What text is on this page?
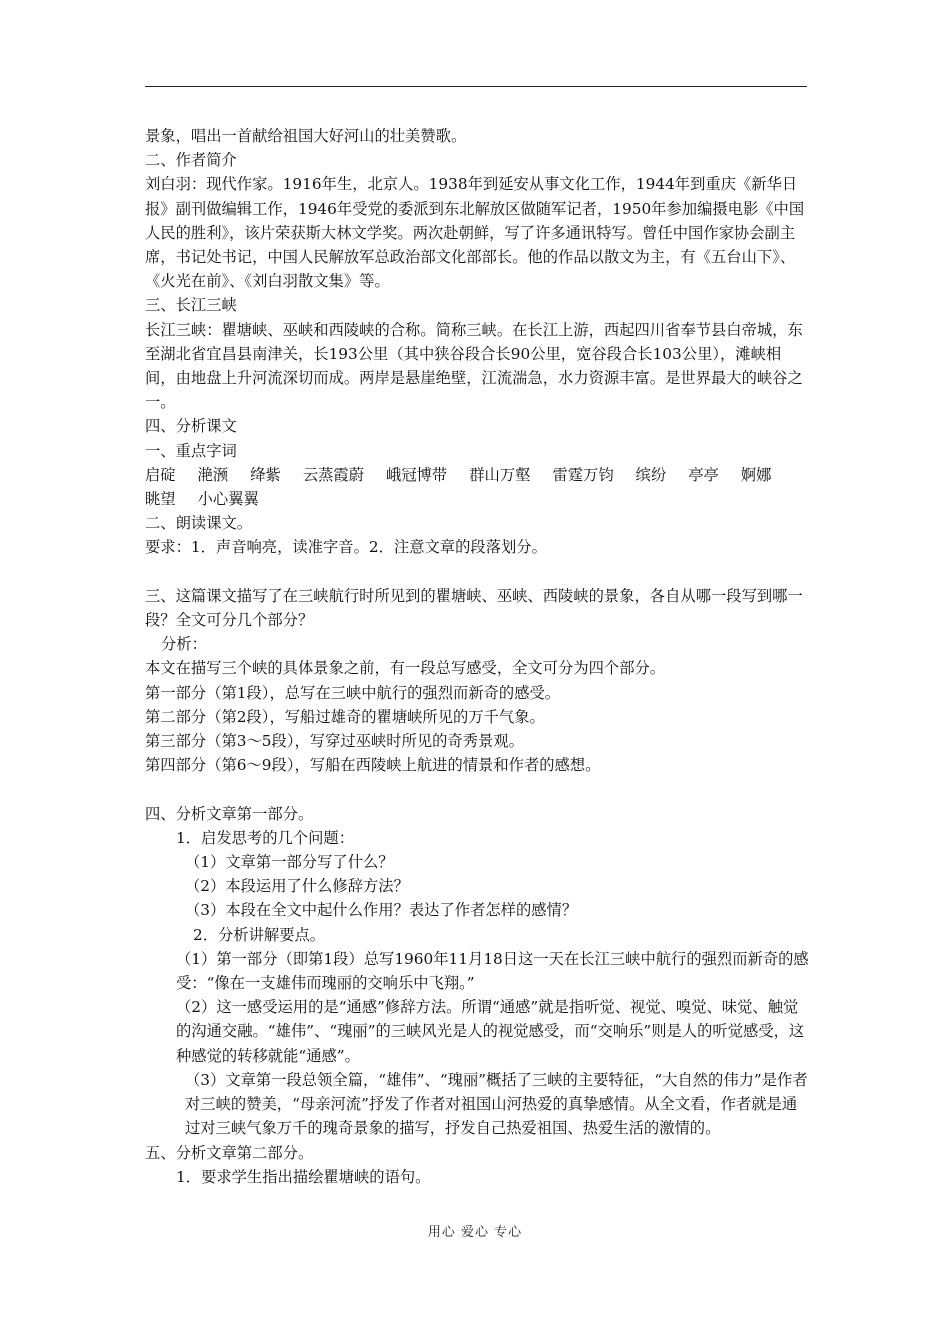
景象，唱出一首献给祖国大好河山的壮美赞歌。

二、作者简介

刘白羽：现代作家。1916年生，北京人。1938年到延安从事文化工作，1944年到重庆《新华日报》副刊做编辑工作，1946年受党的委派到东北解放区做随军记者，1950年参加编摄电影《中国人民的胜利》，该片荣获斯大林文学奖。两次赴朝鲜，写了许多通讯特写。曾任中国作家协会副主席，书记处书记，中国人民解放军总政治部文化部部长。他的作品以散文为主，有《五台山下》、《火光在前》、《刘白羽散文集》等。

三、长江三峡

长江三峡：瞿塘峡、巫峡和西陵峡的合称。简称三峡。在长江上游，西起四川省奉节县白帝城，东至湖北省宜昌县南津关，长193公里（其中狭谷段合长90公里，宽谷段合长103公里），滩峡相间，由地盘上升河流深切而成。两岸是悬崖绝壁，江流湍急，水力资源丰富。是世界最大的峡谷之一。

四、分析课文

一、重点字词

启碇 滟滪 绛紫 云蒸霞蔚 峨冠博带 群山万壑 雷霆万钧 缤纷 亭亭 婀娜
眺望 小心翼翼

二、朗读课文。

要求：1．声音响亮，读准字音。2．注意文章的段落划分。

三、这篇课文描写了在三峡航行时所见到的瞿塘峡、巫峡、西陵峡的景象，各自从哪一段写到哪一段？全文可分几个部分？

分析：

本文在描写三个峡的具体景象之前，有一段总写感受，全文可分为四个部分。

第一部分（第1段），总写在三峡中航行的强烈而新奇的感受。

第二部分（第2段），写船过雄奇的瞿塘峡所见的万千气象。

第三部分（第3～5段），写穿过巫峡时所见的奇秀景观。

第四部分（第6～9段），写船在西陵峡上航进的情景和作者的感想。

四、分析文章第一部分。

1．启发思考的几个问题：

（1）文章第一部分写了什么？

（2）本段运用了什么修辞方法？

（3）本段在全文中起什么作用？表达了作者怎样的感情？

2．分析讲解要点。

（1）第一部分（即第1段）总写1960年11月18日这一天在长江三峡中航行的强烈而新奇的感受：“像在一支雄伟而瑰丽的交响乐中飞翔。”

（2）这一感受运用的是“通感”修辞方法。所谓“通感”就是指听觉、视觉、嗅觉、味觉、触觉的沟通交融。“雄伟”、“瑰丽”的三峡风光是人的视觉感受，而“交响乐”则是人的听觉感受，这种感觉的转移就能“通感”。

（3）文章第一段总领全篇，“雄伟”、“瑰丽”概括了三峡的主要特征，“大自然的伟力”是作者对三峡的赞美，“母亲河流”抒发了作者对祖国山河热爱的真挚感情。从全文看，作者就是通过对三峡气象万千的瑰奇景象的描写，抒发自己热爱祖国、热爱生活的激情的。

五、分析文章第二部分。

1．要求学生指出描绘瞿塘峡的语句。

用心 爱心 专心
